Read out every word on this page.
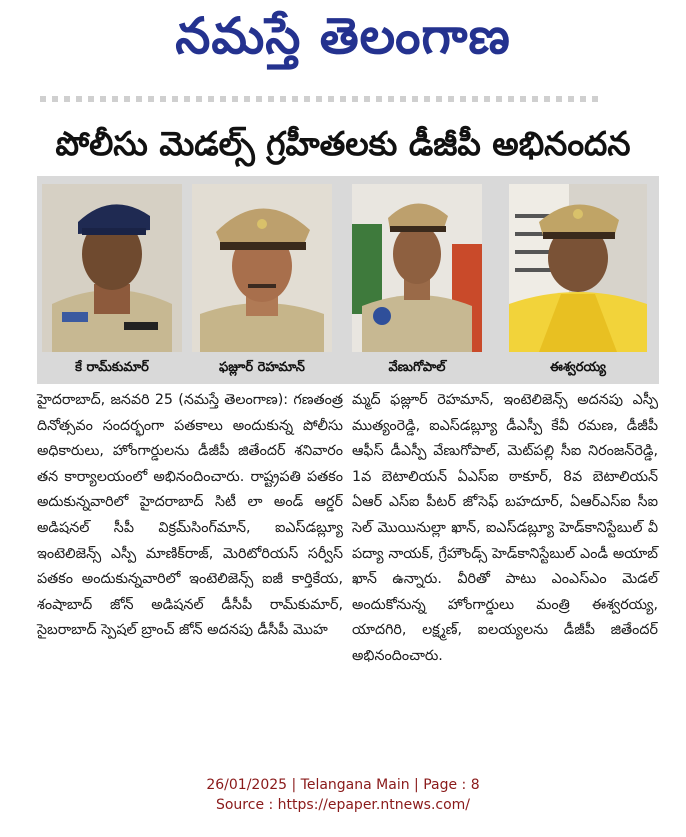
నమస్తే తెలంగాణ
పోలీసు మెడల్స్ గ్రహీతలకు డీజీపీ అభినందన
కే రామ్‌కుమార్	ఫజ్లూర్ రెహమాన్	వేణుగోపాల్	ఈశ్వరయ్య

హైదరాబాద్, జనవరి 25 (నమస్తే తెలంగాణ): గణతంత్ర దినోత్సవం సందర్భంగా పతకాలు అందుకున్న పోలీసు అధికారులు, హోంగార్డులను డీజీపీ జితేందర్ శనివారం తన కార్యాలయంలో అభినందించారు. రాష్ట్రపతి పతకం అదుకున్నవారిలో హైదరాబాద్ సిటీ లా అండ్ ఆర్డర్ అడిషనల్ సీపీ విక్రమ్‌సింగ్‌మాన్, ఐఎస్‌డబ్ల్యూ ఇంటెలిజెన్స్ ఎస్పీ మాణిక్‌రాజ్, మెరిటోరియస్ సర్వీస్ పతకం అందుకున్నవారిలో ఇంటెలిజెన్స్ ఐజీ కార్తికేయ, శంషాబాద్ జోన్ అడిషనల్ డీసీపీ రామ్‌కుమార్, సైబరాబాద్ స్పెషల్ బ్రాంచ్ జోన్ అదనపు డీసీపీ మొహ

మ్మద్ ఫజ్లూర్ రెహమాన్, ఇంటెలిజెన్స్ అదనపు ఎస్పీ ముత్యంరెడ్డి, ఐఎస్‌డబ్ల్యూ డీఎస్పీ కేవీ రమణ, డీజీపీ ఆఫీస్ డీఎస్పీ వేణుగోపాల్, మెట్‌పల్లి సీఐ నిరంజన్‌రెడ్డి, 1వ బెటాలియన్ ఏఎస్‌ఐ ఠాకూర్, 8వ బెటాలియన్ ఏఆర్ ఎస్‌ఐ పీటర్ జోసెఫ్ బహదూర్, ఏఆర్‌ఎస్‌ఐ సీఐ సెల్ మొయినుల్లా ఖాన్, ఐఎస్‌డబ్ల్యూ హెడ్‌కానిస్టేబుల్ వీ పద్యా నాయక్, గ్రేహౌండ్స్ హెడ్‌కానిస్టేబుల్ ఎండీ అయాబ్ ఖాన్ ఉన్నారు. వీరితో పాటు ఎంఎస్ఎం మెడల్ అందుకోనున్న హోంగార్డులు మంత్రి ఈశ్వరయ్య, యాదగిరి, లక్ష్మణ్, ఐలయ్యలను డీజీపీ జితేందర్ అభినందించారు.

26/01/2025 | Telangana Main | Page : 8
Source : https://epaper.ntnews.com/
